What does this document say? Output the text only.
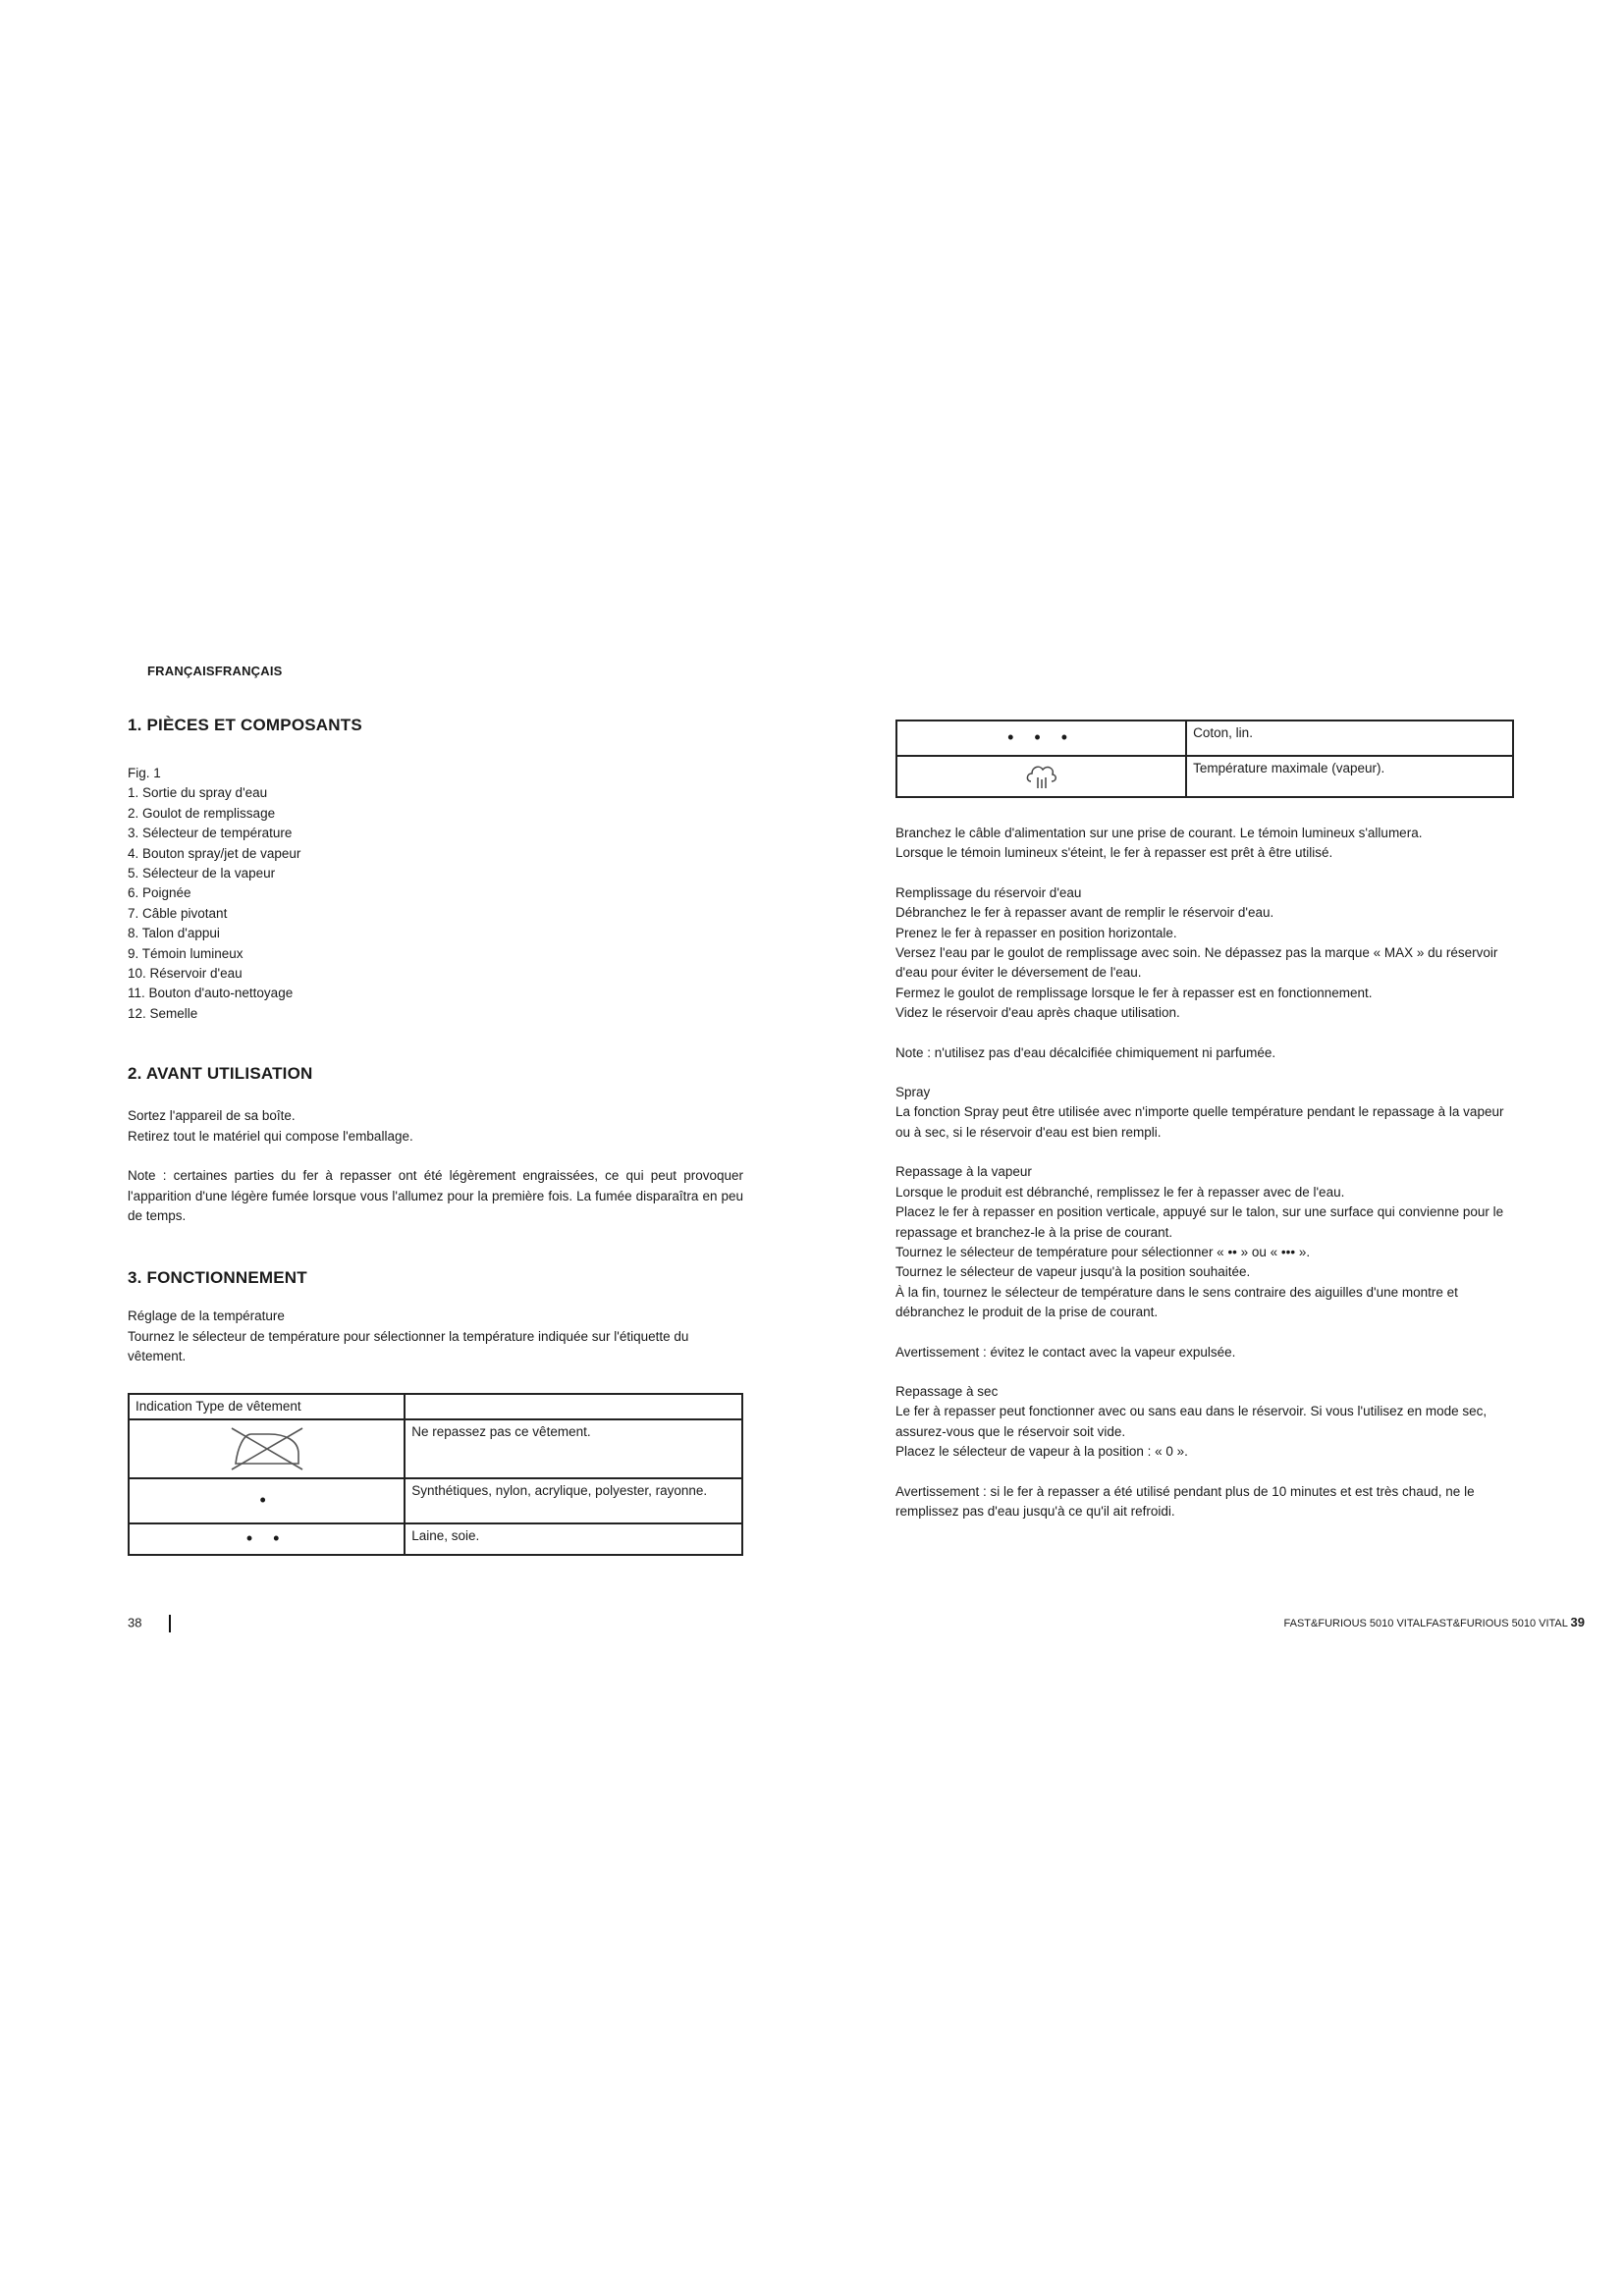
FRANÇAISFRANÇAIS
1. PIÈCES ET COMPOSANTS

Fig. 1

1. Sortie du spray d'eau
2. Goulot de remplissage
3. Sélecteur de température
4. Bouton spray/jet de vapeur
5. Sélecteur de la vapeur
6. Poignée
7. Câble pivotant
8. Talon d'appui
9. Témoin lumineux
10. Réservoir d'eau
11. Bouton d'auto-nettoyage
12. Semelle
2. AVANT UTILISATION

Sortez l'appareil de sa boîte.

Retirez tout le matériel qui compose l'emballage.

Note : certaines parties du fer à repasser ont été légèrement engraissées, ce qui peut provoquer l'apparition d'une légère fumée lorsque vous l'allumez pour la première fois. La fumée disparaîtra en peu de temps.

3. FONCTIONNEMENT

Réglage de la température

Tournez le sélecteur de température pour sélectionner la température indiquée sur l'étiquette du vêtement.

Indication Type de vêtement	

	Ne repassez pas ce vêtement.
•	Synthétiques, nylon, acrylique, polyester, rayonne.
• •	Laine, soie.
• • •	Coton, lin.

	Température maximale (vapeur).

Branchez le câble d'alimentation sur une prise de courant. Le témoin lumineux s'allumera.

Lorsque le témoin lumineux s'éteint, le fer à repasser est prêt à être utilisé.

Remplissage du réservoir d'eau

Débranchez le fer à repasser avant de remplir le réservoir d'eau.

Prenez le fer à repasser en position horizontale.

Versez l'eau par le goulot de remplissage avec soin. Ne dépassez pas la marque « MAX » du réservoir d'eau pour éviter le déversement de l'eau.

Fermez le goulot de remplissage lorsque le fer à repasser est en fonctionnement.

Videz le réservoir d'eau après chaque utilisation.

Note : n'utilisez pas d'eau décalcifiée chimiquement ni parfumée.

Spray

La fonction Spray peut être utilisée avec n'importe quelle température pendant le repassage à la vapeur ou à sec, si le réservoir d'eau est bien rempli.

Repassage à la vapeur

Lorsque le produit est débranché, remplissez le fer à repasser avec de l'eau.

Placez le fer à repasser en position verticale, appuyé sur le talon, sur une surface qui convienne pour le repassage et branchez-le à la prise de courant.

Tournez le sélecteur de température pour sélectionner « •• » ou « ••• ».

Tournez le sélecteur de vapeur jusqu'à la position souhaitée.

À la fin, tournez le sélecteur de température dans le sens contraire des aiguilles d'une montre et débranchez le produit de la prise de courant.

Avertissement : évitez le contact avec la vapeur expulsée.

Repassage à sec

Le fer à repasser peut fonctionner avec ou sans eau dans le réservoir. Si vous l'utilisez en mode sec, assurez-vous que le réservoir soit vide.

Placez le sélecteur de vapeur à la position : « 0 ».

Avertissement : si le fer à repasser a été utilisé pendant plus de 10 minutes et est très chaud, ne le remplissez pas d'eau jusqu'à ce qu'il ait refroidi.

38	FAST&FURIOUS 5010 VITALFAST&FURIOUS 5010 VITAL 39
